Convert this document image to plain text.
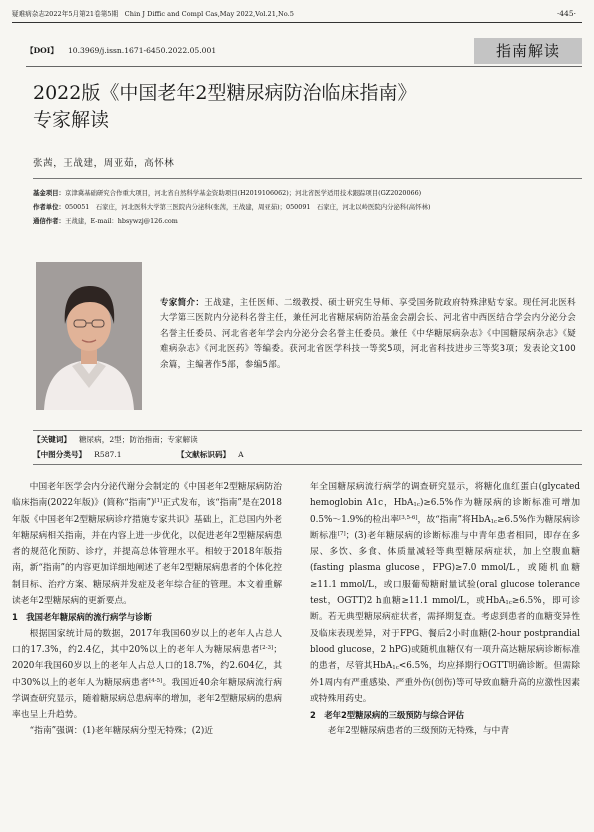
疑难病杂志2022年5月第21卷第5期　Chin J Diffic and Compl Cas,May 2022,Vol.21,No.5	·445·
【DOI】 10.3969/j.issn.1671-6450.2022.05.001	指南解读
2022版《中国老年2型糖尿病防治临床指南》
专家解读
张茜，王战建，周亚茹，高怀林
基金项目：京津冀基础研究合作重大项目，河北省自然科学基金资助项目(H2019106062)；河北省医学适用技术跟踪项目(GZ2020066)
作者单位：050051　石家庄，河北医科大学第三医院内分泌科(张茜，王战建，周亚茹)；050091　石家庄，河北以岭医院内分泌科(高怀林)
通信作者：王战建，E-mail：hbsywzj@126.com
专家简介：王战建，主任医师、二级教授、硕士研究生导师、享受国务院政府特殊津贴专家。现任河北医科大学第三医院内分泌科名誉主任，兼任河北省糖尿病防治基金会副会长、河北省中西医结合学会内分泌分会名誉主任委员、河北省老年学会内分泌分会名誉主任委员。兼任《中华糖尿病杂志》《中国糖尿病杂志》《疑难病杂志》《河北医药》等编委。获河北省医学科技一等奖5项，河北省科技进步三等奖3项；发表论文100余篇，主编著作5部，参编5部。
【关键词】 糖尿病，2型；防治指南；专家解读
【中图分类号】 R587.1	【文献标识码】 A

中国老年医学会内分泌代谢分会制定的《中国老年2型糖尿病防治临床指南(2022年版)》(简称“指南”)[1]正式发布，该“指南”是在2018年版《中国老年2型糖尿病诊疗措施专家共识》基础上，汇总国内外老年糖尿病相关指南，并在内容上进一步优化，以促进老年2型糖尿病患者的规范化预防、诊疗，并提高总体管理水平。相较于2018年版指南，新“指南”的内容更加详细地阐述了老年2型糖尿病患者的个体化控制目标、治疗方案、糖尿病并发症及老年综合征的管理。本文着重解读老年2型糖尿病的更新要点。

1　我国老年糖尿病的流行病学与诊断

根据国家统计局的数据，2017年我国60岁以上的老年人占总人口的17.3%，约2.4亿，其中20%以上的老年人为糖尿病患者[2-3]；2020年我国60岁以上的老年人占总人口的18.7%，约2.604亿，其中30%以上的老年人为糖尿病患者[4-5]。我国近40余年糖尿病流行病学调查研究显示，随着糖尿病总患病率的增加，老年2型糖尿病的患病率也呈上升趋势。

“指南”强调：(1)老年糖尿病分型无特殊；(2)近

年全国糖尿病流行病学的调查研究显示，将糖化血红蛋白(glycated hemoglobin A1c，HbA$_{1c}$)≥6.5%作为糖尿病的诊断标准可增加0.5%～1.9%的检出率[3,5-6]，故“指南”将HbA$_{1c}$≥6.5%作为糖尿病诊断标准[7]；(3)老年糖尿病的诊断标准与中青年患者相同，即存在多尿、多饮、多食、体质量减轻等典型糖尿病症状，加上空腹血糖(fasting plasma glucose，FPG)≥7.0 mmol/L，或随机血糖≥11.1 mmol/L，或口服葡萄糖耐量试验(oral glucose tolerance test，OGTT)2 h血糖≥11.1 mmol/L，或HbA$_{1c}$≥6.5%，即可诊断。若无典型糖尿病症状者，需择期复查。考虑到患者的血糖变异性及临床表现差异，对于FPG、餐后2小时血糖(2-hour postprandial blood glucose，2 hPG)或随机血糖仅有一项升高达糖尿病诊断标准的患者，尽管其HbA$_{1c}$<6.5%，均应择期行OGTT明确诊断。但需除外1周内有严重感染、严重外伤(创伤)等可导致血糖升高的应激性因素或特殊用药史。

2　老年2型糖尿病的三级预防与综合评估

老年2型糖尿病患者的三级预防无特殊，与中青
